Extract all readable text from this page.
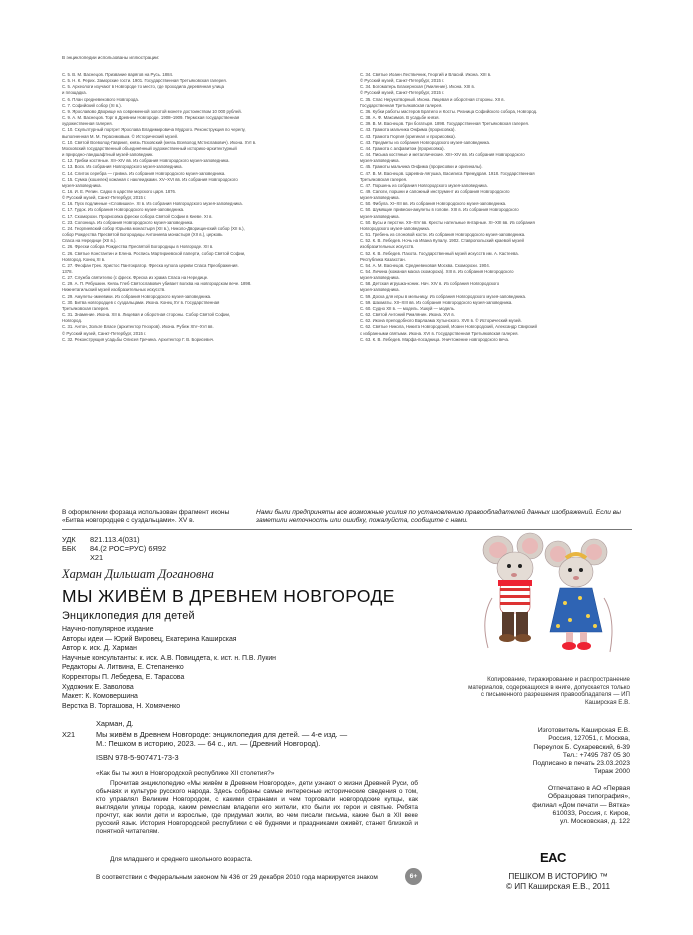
В энциклопедии использованы иллюстрации:
С. 5. В. М. Васнецов. Призвание варягов на Русь. 1884.
С. 5. Н. К. Рерих. Заморские гости. 1901. Государственная Третьяковская галерея.
С. 5. Археологи изучают в Новгороде то место, где проходила деревянная улица
и площадка.
С. 6. План средневекового Новгорода.
С. 7. Софийский собор (XI в.).
С. 9. Ярославово Дворище на современной золотой монете достоинством 10 000 рублей.
С. 9. А. М. Васнецов. Торг в Древнем Новгороде. 1908–1909. Пермская государственная
художественная галерея.
С. 10. Скульптурный портрет Ярослава Владимировича Мудрого. Реконструкция по черепу,
выполненная М. М. Герасимовым. © Исторический музей.
С. 10. Святой Всеволод-Гавриил, князь Псковский (князь Всеволод Мстиславович). Икона. XVI в.
Московский государственный объединённый художественный историко-архитектурный
и природно-ландшафтный музей-заповедник.
С. 12. Грибки костяные. XII–XIV вв. Из собрания Новгородского музея-заповедника.
С. 13. Воск. Из собрания Новгородского музея-заповедника.
С. 14. Слиток серебра — гривна. Из собрания Новгородского музея-заповедника.
С. 15. Сумка (кошелек) кожаная с наклеидками. XV–XVI вв. Из собрания Новгородского
музея-заповедника.
С. 16. И. Е. Репин. Садко в царстве морского царя. 1876.
© Русский музей, Санкт-Петербург, 2015 г.
С. 16. Пуск подлинные «Словишиэ». XI в. Из собрания Новгородского музея-заповедника.
С. 17. Гудок. Из собрания Новгородского музея-заповедника.
С. 17. Скоморохи. Прорисовка фрески собора Святой Софии в Киеве. XI в.
С. 23. Солоница. Из собрания Новгородского музея-заповедника.
С. 24. Георгиевский собор Юрьева монастыря (XII в.), Николо-Дворищенский собор (XII в.),
собор Рождества Пресвятой Богородицы Антониева монастыря (XII в.), церковь
Спаса на Нередице (XII в.).
С. 26. Фрески собора Рождества Пресвятой Богородицы в Новгороде. XII в.
С. 26. Святые Константин и Елена. Роспись Мартириевской паперти, собор Святой Софии,
Новгород. Конец XI в.
С. 27. Феофан Грек. Христос Пантократор. Фреска купола церкви Спаса Преображения.
1378.
С. 27. Служба святителю (с фреск. Фреска из храма Спаса на Нередице.
С. 29. А. П. Рябушкин. Князь Глеб Святославович убивает волхва на новгородском вече. 1898.
Нижнетагильский музей изобразительных искусств.
С. 29. Амулеты-змеевики. Из собрания Новгородского музея-заповедника.
С. 30. Битва новгородцев с суздальцами. Икона. Конец XV в. Государственная
Третьяковская галерея.
С. 31. Знамение. Икона. XII в. Лицевая и оборотная стороны. Собор Святой Софии,
Новгород.
С. 31. Антон, Зольте Власе (архитектор Геоэров). Икона. Рубеж XIV–XVI вв.
© Русский музей, Санкт-Петербург, 2015 г.
С. 32. Реконструкция усадьбы Олисея Гречина. Архитектор Г. В. Борисевич.
С. 34. Святые Иоанн Лествичник, Георгий и Власий. Икона. XIII в.
© Русский музей, Санкт-Петербург, 2015 г.
С. 34. Богоматерь Блахернская (Умиление). Икона. XIII в.
© Русский музей, Санкт-Петербург, 2015 г.
С. 35. Спас Нерукотворный. Икона. Лицевая и оборотная стороны. XII в.
Государственная Третьяковская галерея.
С. 36. Кубки работы мастеров Братило и Косты. Ризница Софийского собора, Новгород.
С. 38. А. Ф. Максимов. В усадьбе князя.
С. 39. В. М. Васнецов. Три богатыря. 1898. Государственная Третьяковская галерея.
С. 43. Грамота мальчика Онфима (прорисовка).
С. 43. Грамота Гюргия (оригинал и прорисовка).
С. 43. Предметы из собрания Новгородского музея-заповедника.
С. 44. Грамота с алфавитом (прорисовка).
С. 44. Письма костяные и металлические. XIII–XIV вв. Из собрания Новгородского
музея-заповедника.
С. 45. Грамоты мальчика Онфима (прорисовки и оригиналы).
С. 47. В. М. Васнецов. Царевна-лягушка, Василиса Премудрая. 1918. Государственная
Третьяковская галерея.
С. 47. Поршень из собрания Новгородского музея-заповедника.
С. 49. Сапоги, поршни и сапожный инструмент из собрания Новгородского
музея-заповедника.
С. 50. Фибула. XI–XII вв. Из собрания Новгородского музея-заповедника.
С. 50. Шумящие привески-амулеты в голове. XIII в. Из собрания Новгородского
музея-заповедника.
С. 50. Бусы и перстни. XII–XIV вв. Кресты нательные янтарные. XI–XIII вв. Из собрания
Новгородского музея-заповедника.
С. 51. Гребень из слоновой кости. Из собрания Новгородского музея-заповедника.
С. 52. К. В. Лебедев. Ночь на Ивана Купалу. 1902. Ставропольский краевой музей
изобразительных искусств.
С. 52. К. В. Лебедев. Пахота. Государственный музей искусств им. А. Кастеева.
Республика Казахстан.
С. 54. А. М. Васнецов. Средневековая Москва. Скоморохи. 1904.
С. 54. Личина (кожаная маска скомороха). XIII в. Из собрания Новгородского
музея-заповедника.
С. 58. Детская игрушка-коник. Нач. XIV в. Из собрания Новгородского
музея-заповедника.
С. 59. Доска для игры в мельницу. Из собрания Новгородского музея-заповедника.
С. 59. Шахматы. XII–XIII вв. Из собрания Новгородского музея-заповедника.
С. 60. Судно XII в. — модель. Ушкуй — модель.
С. 62. Святой Антоний Римлянин. Икона. XVI в.
С. 62. Икона преподобного Варлаама Хутынского. XVII в. © Исторический музей.
С. 62. Святые Никола, Никита Новгородский, Иоанн Новгородский, Александр Свирский
с избранными святыми. Икона. XVI в. Государственная Третьяковская галерея.
С. 63. К. В. Лебедев. Марфа-посадница. Уничтожение новгородского веча.
В оформлении форзаца использован фрагмент иконы «Битва новгородцев с суздальцами». XV в.
Нами были предприняты все возможные усилия по установлению правообладателей данных изображений. Если вы заметили неточность или ошибку, пожалуйста, сообщите с нами.
УДК 821.113.4(031)
ББК 84.(2 РОС=РУС) 6Я92
Х21
Харман Дильшат Догановна
МЫ ЖИВЁМ В ДРЕВНЕМ НОВГОРОДЕ
Энциклопедия для детей
Научно-популярное издание
Авторы идеи — Юрий Вировец, Екатерина Каширская
Автор к. иск. Д. Харман
Научные консультанты: к. иск. А.В. Повицдета, к. ист. н. П.В. Лукин
Редакторы А. Литвина, Е. Степаненко
Корректоры П. Лебедева, Е. Тарасова
Художник Е. Заволова
Макет: К. Комовершина
Верстка В. Торгашова, Н. Хомяченко
Копирование, тиражирование и распространение материалов, содержащихся в книге, допускается только с письменного разрешения правообладателя — ИП Каширская Е.В.
Харман, Д.
Х21	Мы живём в Древнем Новгороде: энциклопедия для детей. — 4-е изд. —
М.: Пешком в историю, 2023. — 64 с., ил. — (Древний Новгород).
ISBN 978-5-907471-73-3
Изготовитель Каширская Е.В.
Россия, 127051, г. Москва,
Переулок Б. Сухаревский, 6-39
Тел.: +7495 787 05 30
Подписано в печать 23.03.2023
Тираж 2000

Отпечатано в АО «Первая
Образцовая типография»,
филиал «Дом печати — Вятка»
610033, Россия, г. Киров,
ул. Московская, д. 122
«Как бы ты жил в Новгородской республике XII столетия?»
Прочитав энциклопедию «Мы живём в Древнем Новгороде», дети узнают о жизни Древней Руси, об обычаях и культуре русского народа. Здесь собраны самые интересные исторические сведения о том, кто управлял Великим Новгородом, с какими странами и чем торговали новгородские купцы, как выглядели улицы города, каким ремеслам владели его жители, кто были их герои и святые. Ребята прочтут, как жили дети и взрослые, где придумал жили, во чем писали письма, какие был в XII веке русский язык. История Новгородской республики с её буднями и праздниками оживёт, станет близкой и понятной читателям.
Для младшего и среднего школьного возраста.
В соответствии с Федеральным законом № 436 от 29 декабря 2010 года маркируется знаком	6+
EAC
ПЕШКОМ В ИСТОРИЮ ™
© ИП Каширская Е.В., 2011
